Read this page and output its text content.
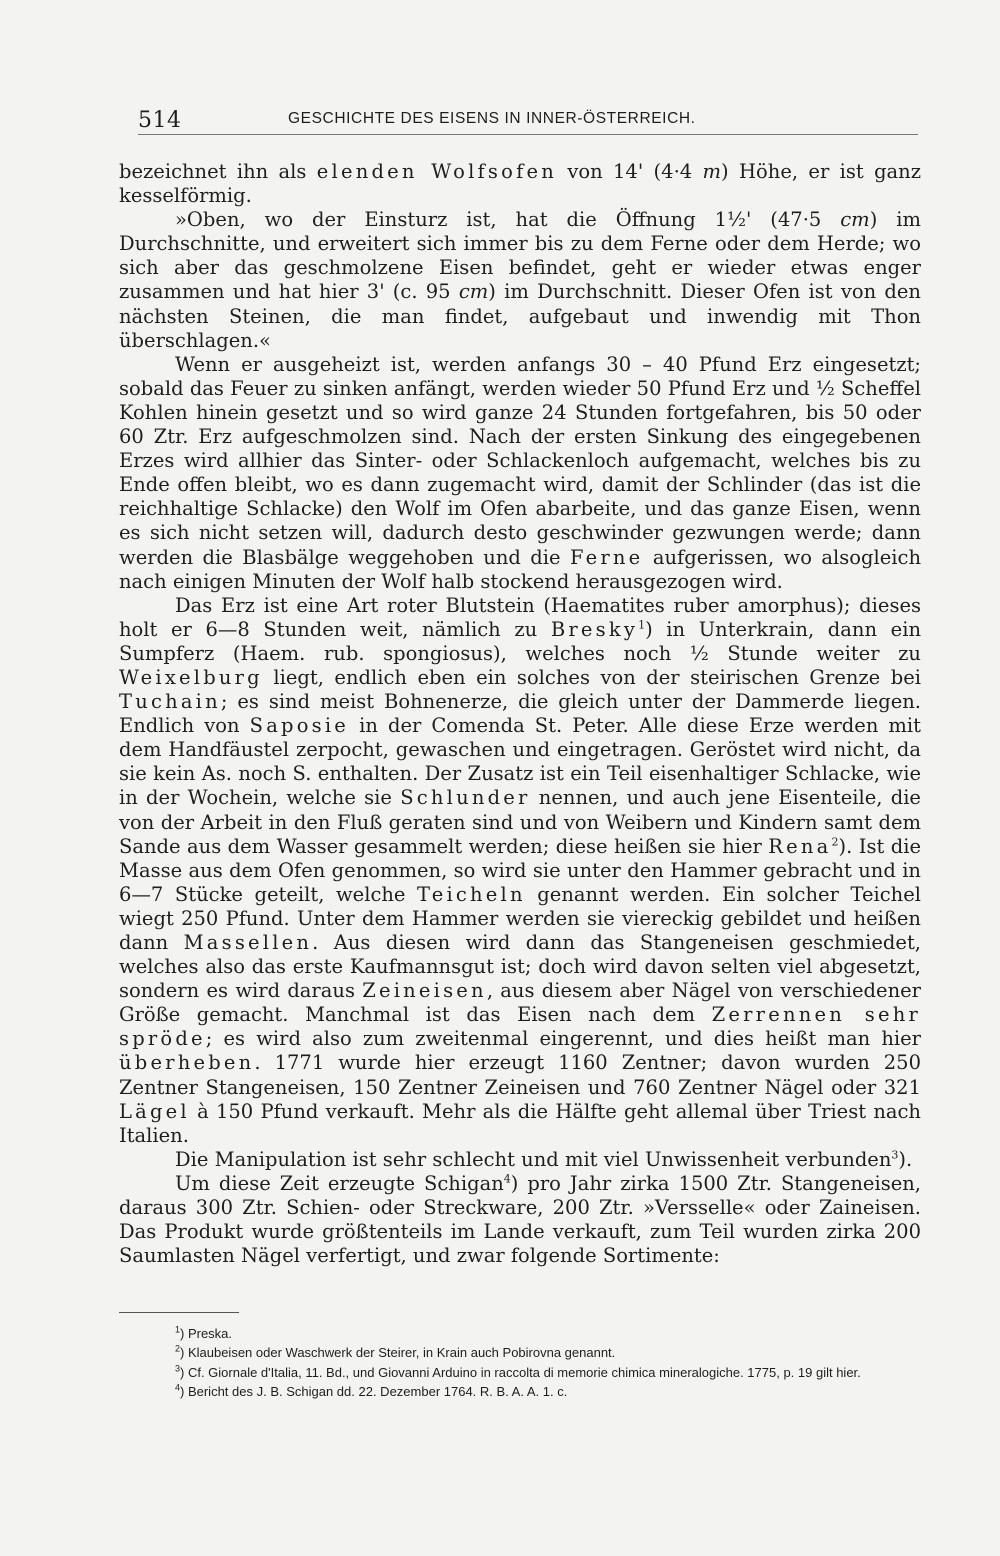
514	GESCHICHTE DES EISENS IN INNER-ÖSTERREICH.

bezeichnet ihn als elenden Wolfsofen von 14' (4·4 m) Höhe, er ist ganz kesselförmig.

»Oben, wo der Einsturz ist, hat die Öffnung 1½' (47·5 cm) im Durchschnitte, und erweitert sich immer bis zu dem Ferne oder dem Herde; wo sich aber das geschmolzene Eisen befindet, geht er wieder etwas enger zusammen und hat hier 3' (c. 95 cm) im Durchschnitt. Dieser Ofen ist von den nächsten Steinen, die man findet, aufgebaut und inwendig mit Thon überschlagen.«

Wenn er ausgeheizt ist, werden anfangs 30 – 40 Pfund Erz eingesetzt; sobald das Feuer zu sinken anfängt, werden wieder 50 Pfund Erz und ½ Scheffel Kohlen hinein gesetzt und so wird ganze 24 Stunden fortgefahren, bis 50 oder 60 Ztr. Erz aufgeschmolzen sind. Nach der ersten Sinkung des eingegebenen Erzes wird allhier das Sinter- oder Schlackenloch aufgemacht, welches bis zu Ende offen bleibt, wo es dann zugemacht wird, damit der Schlinder (das ist die reichhaltige Schlacke) den Wolf im Ofen abarbeite, und das ganze Eisen, wenn es sich nicht setzen will, dadurch desto geschwinder gezwungen werde; dann werden die Blasbälge weggehoben und die Ferne aufgerissen, wo alsogleich nach einigen Minuten der Wolf halb stockend herausgezogen wird.

Das Erz ist eine Art roter Blutstein (Haematites ruber amorphus); dieses holt er 6—8 Stunden weit, nämlich zu Bresky$^1$) in Unterkrain, dann ein Sumpferz (Haem. rub. spongiosus), welches noch ½ Stunde weiter zu Weixelburg liegt, endlich eben ein solches von der steirischen Grenze bei Tuchain; es sind meist Bohnenerze, die gleich unter der Dammerde liegen. Endlich von Saposie in der Comenda St. Peter. Alle diese Erze werden mit dem Handfäustel zerpocht, gewaschen und eingetragen. Geröstet wird nicht, da sie kein As. noch S. enthalten. Der Zusatz ist ein Teil eisenhaltiger Schlacke, wie in der Wochein, welche sie Schlunder nennen, und auch jene Eisenteile, die von der Arbeit in den Fluß geraten sind und von Weibern und Kindern samt dem Sande aus dem Wasser gesammelt werden; diese heißen sie hier Rena$^2$). Ist die Masse aus dem Ofen genommen, so wird sie unter den Hammer gebracht und in 6—7 Stücke geteilt, welche Teicheln genannt werden. Ein solcher Teichel wiegt 250 Pfund. Unter dem Hammer werden sie viereckig gebildet und heißen dann Massellen. Aus diesen wird dann das Stangeneisen geschmiedet, welches also das erste Kaufmannsgut ist; doch wird davon selten viel abgesetzt, sondern es wird daraus Zeineisen, aus diesem aber Nägel von verschiedener Größe gemacht. Manchmal ist das Eisen nach dem Zerrennen sehr spröde; es wird also zum zweitenmal eingerennt, und dies heißt man hier überheben. 1771 wurde hier erzeugt 1160 Zentner; davon wurden 250 Zentner Stangeneisen, 150 Zentner Zeineisen und 760 Zentner Nägel oder 321 Lägel à 150 Pfund verkauft. Mehr als die Hälfte geht allemal über Triest nach Italien.

Die Manipulation ist sehr schlecht und mit viel Unwissenheit verbunden$^3$).

Um diese Zeit erzeugte Schigan$^4$) pro Jahr zirka 1500 Ztr. Stangeneisen, daraus 300 Ztr. Schien- oder Streckware, 200 Ztr. »Versselle« oder Zaineisen. Das Produkt wurde größtenteils im Lande verkauft, zum Teil wurden zirka 200 Saumlasten Nägel verfertigt, und zwar folgende Sortimente:

$^1$) Preska.

$^2$) Klaubeisen oder Waschwerk der Steirer, in Krain auch Pobirovna genannt.

$^3$) Cf. Giornale d'Italia, 11. Bd., und Giovanni Arduino in raccolta di memorie chimica mineralogiche. 1775, p. 19 gilt hier.

$^4$) Bericht des J. B. Schigan dd. 22. Dezember 1764. R. B. A. A. 1. c.
